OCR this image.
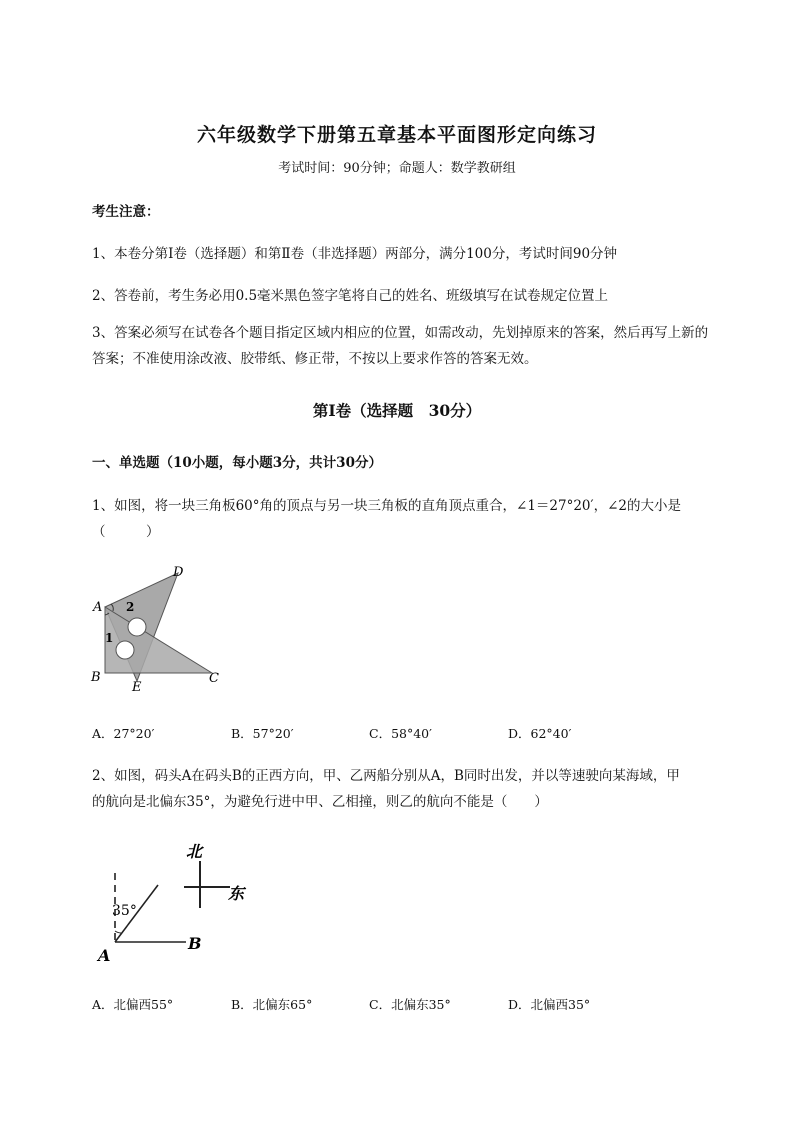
六年级数学下册第五章基本平面图形定向练习
考试时间：90分钟；命题人：数学教研组
考生注意：
1、本卷分第I卷（选择题）和第Ⅱ卷（非选择题）两部分，满分100分，考试时间90分钟
2、答卷前，考生务必用0.5毫米黑色签字笔将自己的姓名、班级填写在试卷规定位置上
3、答案必须写在试卷各个题目指定区域内相应的位置，如需改动，先划掉原来的答案，然后再写上新的答案；不准使用涂改液、胶带纸、修正带，不按以上要求作答的答案无效。
第I卷（选择题　30分）
一、单选题（10小题，每小题3分，共计30分）
1、如图，将一块三角板60°角的顶点与另一块三角板的直角顶点重合，∠1＝27°20′，∠2的大小是
（　　　）
A
B	C
D
E
1
2
A．27°20′	B．57°20′	C．58°40′	D．62°40′
2、如图，码头A在码头B的正西方向，甲、乙两船分别从A，B同时出发，并以等速驶向某海域，甲
的航向是北偏东35°，为避免行进中甲、乙相撞，则乙的航向不能是（　　）
北
东
35°
A
B
A．北偏西55°	B．北偏东65°	C．北偏东35°	D．北偏西35°
